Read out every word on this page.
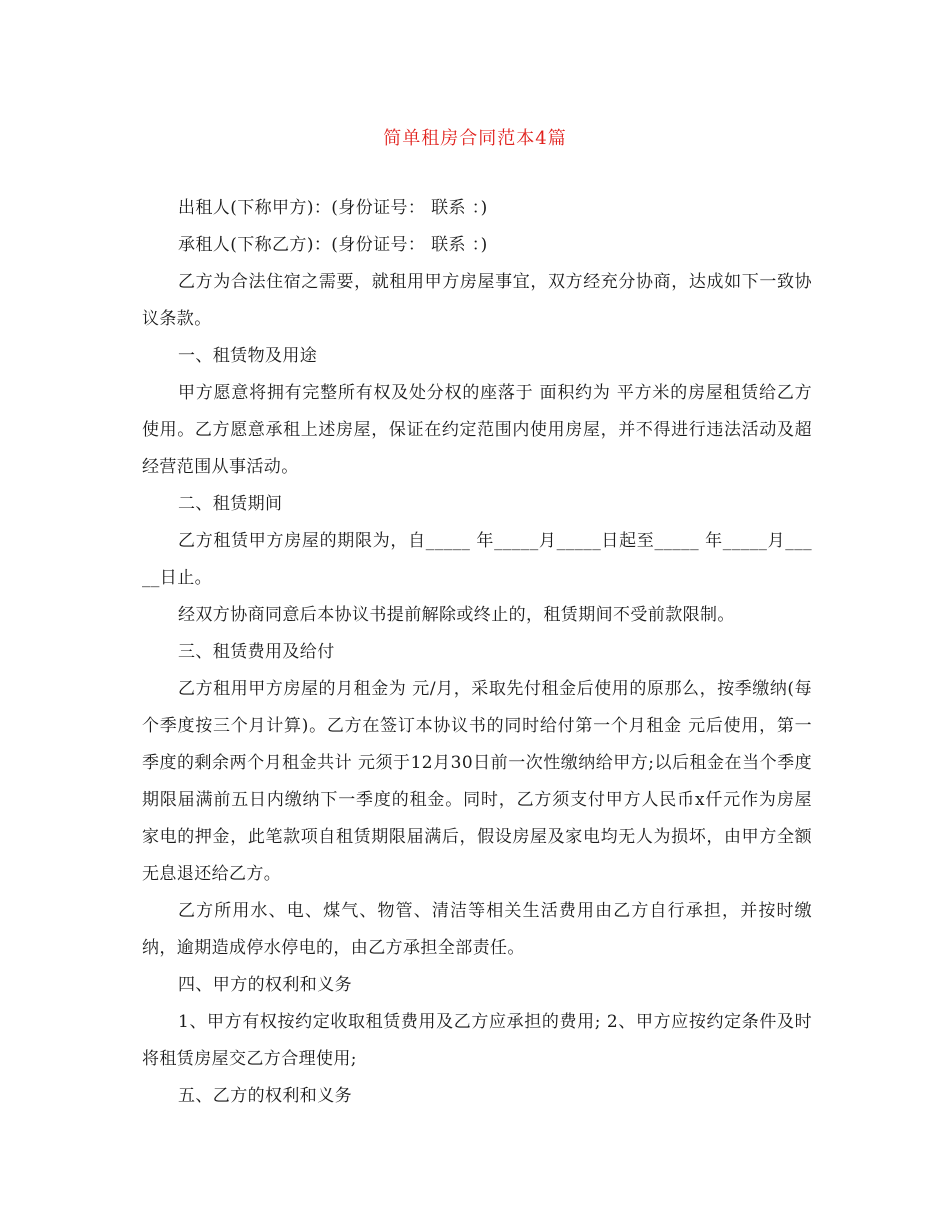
简单租房合同范本4篇

出租人(下称甲方)：(身份证号： 联系 ：)

承租人(下称乙方)：(身份证号： 联系 ：)

乙方为合法住宿之需要，就租用甲方房屋事宜，双方经充分协商，达成如下一致协议条款。

一、租赁物及用途

甲方愿意将拥有完整所有权及处分权的座落于 面积约为 平方米的房屋租赁给乙方使用。乙方愿意承租上述房屋，保证在约定范围内使用房屋，并不得进行违法活动及超经营范围从事活动。

二、租赁期间

乙方租赁甲方房屋的期限为，自_____ 年_____月_____日起至_____ 年_____月_____日止。

经双方协商同意后本协议书提前解除或终止的，租赁期间不受前款限制。

三、租赁费用及给付

乙方租用甲方房屋的月租金为 元/月，采取先付租金后使用的原那么，按季缴纳(每个季度按三个月计算)。乙方在签订本协议书的同时给付第一个月租金 元后使用，第一季度的剩余两个月租金共计 元须于12月30日前一次性缴纳给甲方;以后租金在当个季度期限届满前五日内缴纳下一季度的租金。同时，乙方须支付甲方人民币x仟元作为房屋家电的押金，此笔款项自租赁期限届满后，假设房屋及家电均无人为损坏，由甲方全额无息退还给乙方。

乙方所用水、电、煤气、物管、清洁等相关生活费用由乙方自行承担，并按时缴纳，逾期造成停水停电的，由乙方承担全部责任。

四、甲方的权利和义务

1、甲方有权按约定收取租赁费用及乙方应承担的费用; 2、甲方应按约定条件及时将租赁房屋交乙方合理使用;

五、乙方的权利和义务
